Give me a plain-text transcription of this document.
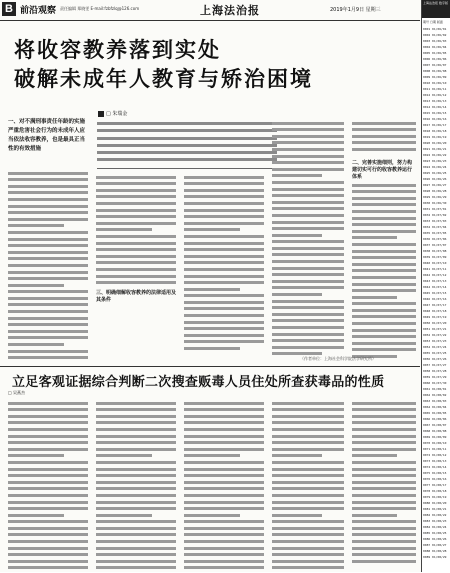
B 前沿观察 责任编辑 郑晓雯 E-mail:fzbfzlq@126.com	上海法治报	2019年1月9日 星期三
将收容教养落到实处
破解未成年人教育与矫治困境
一、对不满刑事责任年龄的实施严重危害社会行为的未成年人应当依法收容教养，也是最具正当性的有效措施
□ 朱瑞金
二、完善实施细则，努力构建切实可行的收容教养运行体系
三、明确细解收容教养的法律适用及其条件
（作者单位：上海社会科学院法学研究所）
立足客观证据综合判断二次搜查贩毒人员住处所查获毒品的性质
□ 吴燕杰
上海法治报 数字版
期号 日期 版面
0001 01/06/01
0002 01/06/02
0003 01/06/03
0004 01/06/04
0005 01/06/05
0006 01/06/06
0007 01/06/07
0008 01/06/08
0009 01/06/09
0010 01/06/10
0011 01/06/11
0012 01/06/12
0013 01/06/13
0014 01/06/14
0015 01/06/15
0016 01/06/16
0017 01/06/17
0018 01/06/18
0019 01/06/19
0020 01/06/20
0021 01/06/21
0022 01/06/22
0023 01/06/23
0024 01/06/24
0025 01/06/25
0026 01/06/26
0027 01/06/27
0028 01/06/28
0029 01/06/29
0030 01/06/30
0031 01/07/01
0032 01/07/02
0033 01/07/03
0034 01/07/04
0035 01/07/05
0036 01/07/06
0037 01/07/07
0038 01/07/08
0039 01/07/09
0040 01/07/10
0041 01/07/11
0042 01/07/12
0043 01/07/13
0044 01/07/14
0045 01/07/15
0046 01/07/16
0047 01/07/17
0048 01/07/18
0049 01/07/19
0050 01/07/20
0051 01/07/21
0052 01/07/22
0053 01/07/23
0054 01/07/24
0055 01/07/25
0056 01/07/26
0057 01/07/27
0058 01/07/28
0059 01/07/29
0060 01/07/30
0061 01/08/01
0062 01/08/02
0063 01/08/03
0064 01/08/04
0065 01/08/05
0066 01/08/06
0067 01/08/07
0068 01/08/08
0069 01/08/09
0070 01/08/10
0071 01/08/11
0072 01/08/12
0073 01/08/13
0074 01/08/14
0075 01/08/15
0076 01/08/16
0077 01/08/17
0078 01/08/18
0079 01/08/19
0080 01/08/20
0081 01/08/21
0082 01/08/22
0083 01/08/23
0084 01/08/24
0085 01/08/25
0086 01/08/26
0087 01/08/27
0088 01/08/28
0089 01/08/29
